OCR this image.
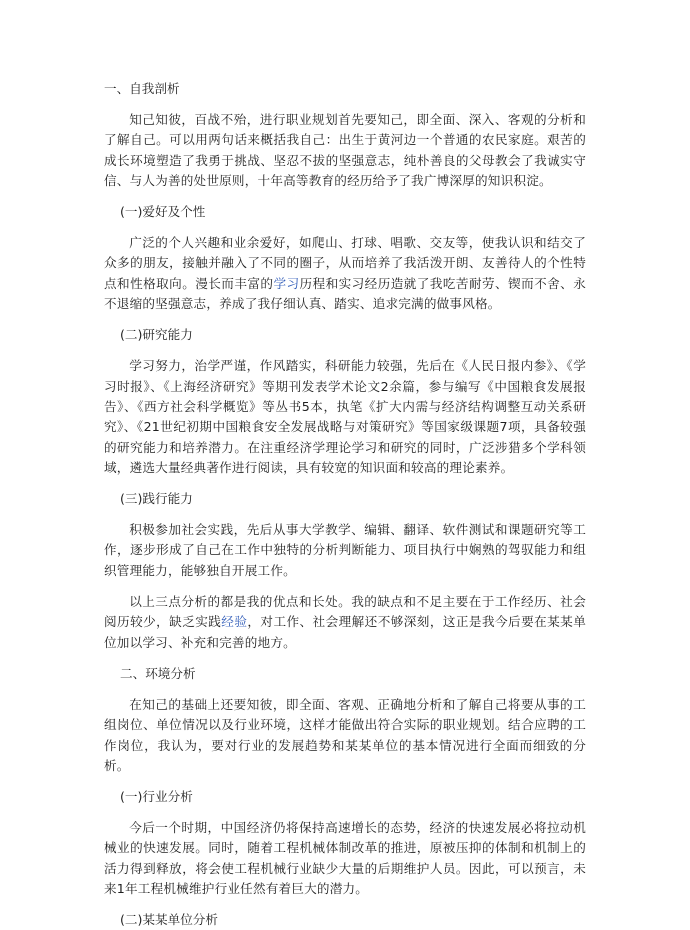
一、自我剖析

知己知彼，百战不殆，进行职业规划首先要知己，即全面、深入、客观的分析和了解自己。可以用两句话来概括我自己：出生于黄河边一个普通的农民家庭。艰苦的成长环境塑造了我勇于挑战、坚忍不拔的坚强意志，纯朴善良的父母教会了我诚实守信、与人为善的处世原则，十年高等教育的经历给予了我广博深厚的知识积淀。

(一)爱好及个性

广泛的个人兴趣和业余爱好，如爬山、打球、唱歌、交友等，使我认识和结交了众多的朋友，接触并融入了不同的圈子，从而培养了我活泼开朗、友善待人的个性特点和性格取向。漫长而丰富的学习历程和实习经历造就了我吃苦耐劳、锲而不舍、永不退缩的坚强意志，养成了我仔细认真、踏实、追求完满的做事风格。

(二)研究能力

学习努力，治学严谨，作风踏实，科研能力较强，先后在《人民日报内参》、《学习时报》、《上海经济研究》等期刊发表学术论文2余篇，参与编写《中国粮食发展报告》、《西方社会科学概览》等丛书5本，执笔《扩大内需与经济结构调整互动关系研究》、《21世纪初期中国粮食安全发展战略与对策研究》等国家级课题7项，具备较强的研究能力和培养潜力。在注重经济学理论学习和研究的同时，广泛涉猎多个学科领域，遴选大量经典著作进行阅读，具有较宽的知识面和较高的理论素养。

(三)践行能力

积极参加社会实践，先后从事大学教学、编辑、翻译、软件测试和课题研究等工作，逐步形成了自己在工作中独特的分析判断能力、项目执行中娴熟的驾驭能力和组织管理能力，能够独自开展工作。

以上三点分析的都是我的优点和长处。我的缺点和不足主要在于工作经历、社会阅历较少，缺乏实践经验，对工作、社会理解还不够深刻，这正是我今后要在某某单位加以学习、补充和完善的地方。

二、环境分析

在知己的基础上还要知彼，即全面、客观、正确地分析和了解自己将要从事的工组岗位、单位情况以及行业环境，这样才能做出符合实际的职业规划。结合应聘的工作岗位，我认为，要对行业的发展趋势和某某单位的基本情况进行全面而细致的分析。

(一)行业分析

今后一个时期，中国经济仍将保持高速增长的态势，经济的快速发展必将拉动机械业的快速发展。同时，随着工程机械体制改革的推进，原被压抑的体制和机制上的活力得到释放，将会使工程机械行业缺少大量的后期维护人员。因此，可以预言，未来1年工程机械维护行业任然有着巨大的潜力。

(二)某某单位分析
